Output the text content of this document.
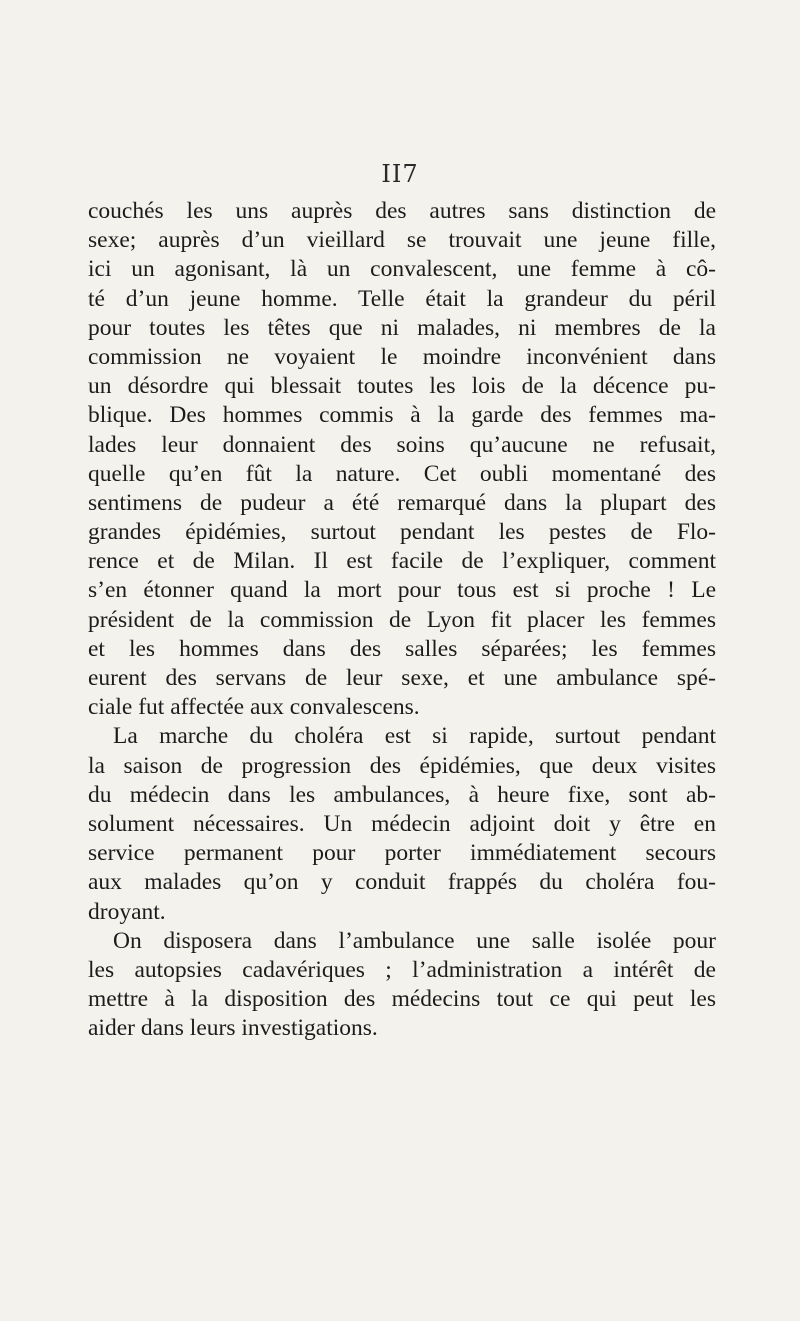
II7
couchés les uns auprès des autres sans distinction de
sexe; auprès d’un vieillard se trouvait une jeune fille,
ici un agonisant, là un convalescent, une femme à cô-
té d’un jeune homme. Telle était la grandeur du péril
pour toutes les têtes que ni malades, ni membres de la
commission ne voyaient le moindre inconvénient dans
un désordre qui blessait toutes les lois de la décence pu-
blique. Des hommes commis à la garde des femmes ma-
lades leur donnaient des soins qu’aucune ne refusait,
quelle qu’en fût la nature. Cet oubli momentané des
sentimens de pudeur a été remarqué dans la plupart des
grandes épidémies, surtout pendant les pestes de Flo-
rence et de Milan. Il est facile de l’expliquer, comment
s’en étonner quand la mort pour tous est si proche ! Le
président de la commission de Lyon fit placer les femmes
et les hommes dans des salles séparées; les femmes
eurent des servans de leur sexe, et une ambulance spé-
ciale fut affectée aux convalescens.
La marche du choléra est si rapide, surtout pendant
la saison de progression des épidémies, que deux visites
du médecin dans les ambulances, à heure fixe, sont ab-
solument nécessaires. Un médecin adjoint doit y être en
service permanent pour porter immédiatement secours
aux malades qu’on y conduit frappés du choléra fou-
droyant.
On disposera dans l’ambulance une salle isolée pour
les autopsies cadavériques ; l’administration a intérêt de
mettre à la disposition des médecins tout ce qui peut les
aider dans leurs investigations.
